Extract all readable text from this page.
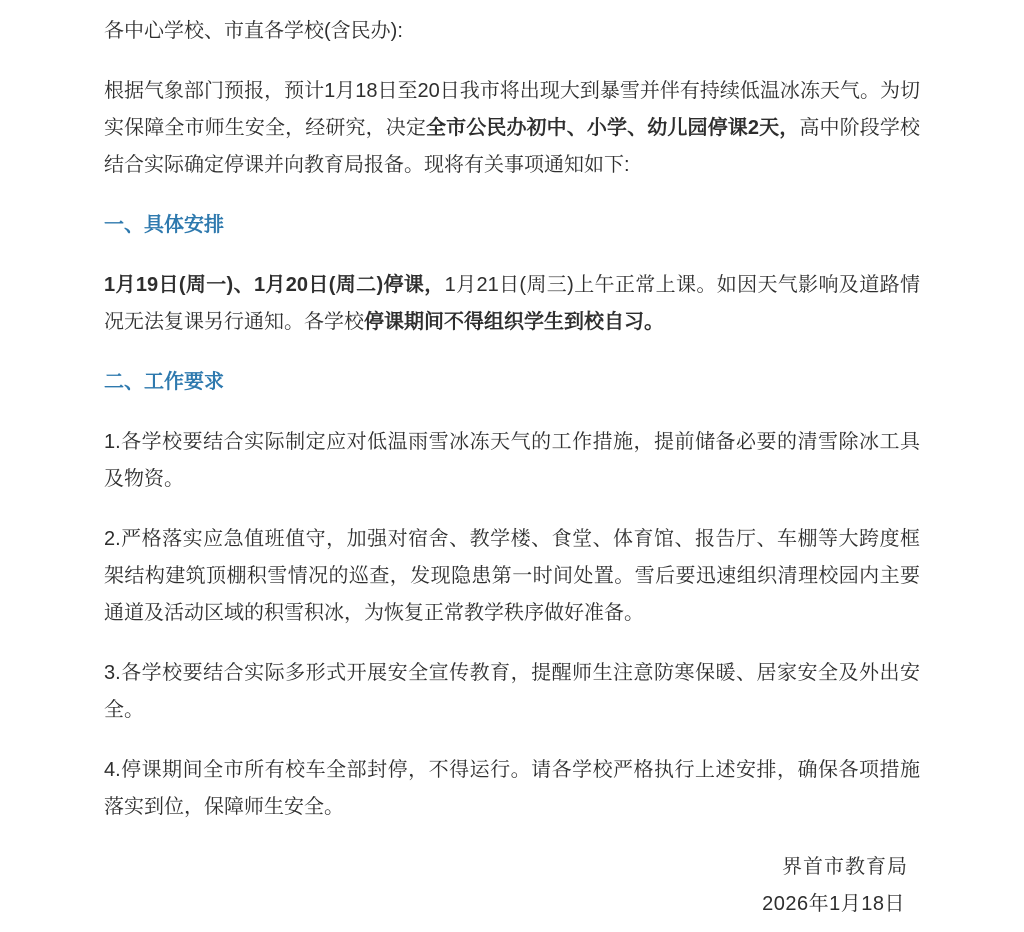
各中心学校、市直各学校(含民办):

根据气象部门预报，预计1月18日至20日我市将出现大到暴雪并伴有持续低温冰冻天气。为切实保障全市师生安全，经研究，决定全市公民办初中、小学、幼儿园停课2天，高中阶段学校结合实际确定停课并向教育局报备。现将有关事项通知如下:

一、具体安排

1月19日(周一)、1月20日(周二)停课，1月21日(周三)上午正常上课。如因天气影响及道路情况无法复课另行通知。各学校停课期间不得组织学生到校自习。

二、工作要求

1.各学校要结合实际制定应对低温雨雪冰冻天气的工作措施，提前储备必要的清雪除冰工具及物资。

2.严格落实应急值班值守，加强对宿舍、教学楼、食堂、体育馆、报告厅、车棚等大跨度框架结构建筑顶棚积雪情况的巡查，发现隐患第一时间处置。雪后要迅速组织清理校园内主要通道及活动区域的积雪积冰，为恢复正常教学秩序做好准备。

3.各学校要结合实际多形式开展安全宣传教育，提醒师生注意防寒保暖、居家安全及外出安全。

4.停课期间全市所有校车全部封停，不得运行。请各学校严格执行上述安排，确保各项措施落实到位，保障师生安全。

界首市教育局

2026年1月18日
